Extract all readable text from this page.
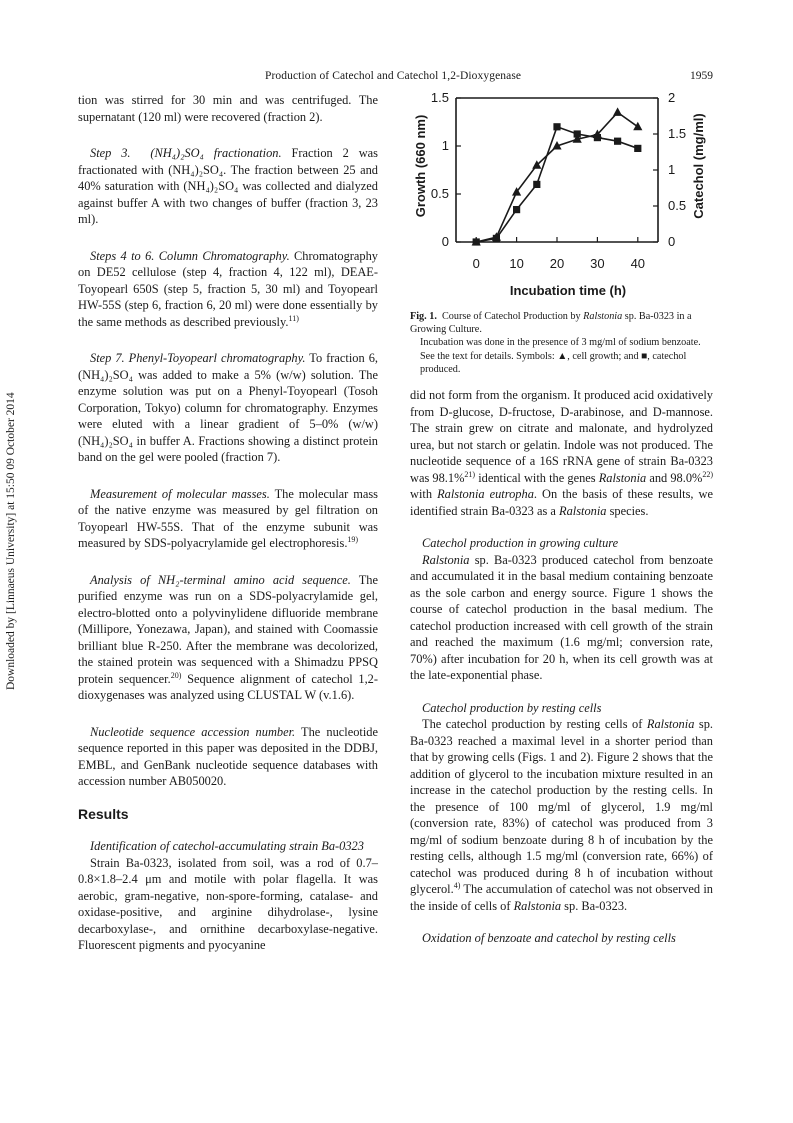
Production of Catechol and Catechol 1,2-Dioxygenase	1959
Downloaded by [Linnaeus University] at 15:50 09 October 2014

tion was stirred for 30 min and was centrifuged. The supernatant (120 ml) were recovered (fraction 2).

Step 3. (NH₄)₂SO₄ fractionation. Fraction 2 was fractionated with (NH₄)₂SO₄. The fraction between 25 and 40% saturation with (NH₄)₂SO₄ was collected and dialyzed against buffer A with two changes of buffer (fraction 3, 23 ml).

Steps 4 to 6. Column Chromatography. Chromatography on DE52 cellulose (step 4, fraction 4, 122 ml), DEAE-Toyopearl 650S (step 5, fraction 5, 30 ml) and Toyopearl HW-55S (step 6, fraction 6, 20 ml) were done essentially by the same methods as described previously.$^{11)}$

Step 7. Phenyl-Toyopearl chromatography. To fraction 6, (NH₄)₂SO₄ was added to make a 5% (w/w) solution. The enzyme solution was put on a Phenyl-Toyopearl (Tosoh Corporation, Tokyo) column for chromatography. Enzymes were eluted with a linear gradient of 5–0% (w/w) (NH₄)₂SO₄ in buffer A. Fractions showing a distinct protein band on the gel were pooled (fraction 7).

Measurement of molecular masses. The molecular mass of the native enzyme was measured by gel filtration on Toyopearl HW-55S. That of the enzyme subunit was measured by SDS-polyacrylamide gel electrophoresis.$^{19)}$

Analysis of NH₂-terminal amino acid sequence. The purified enzyme was run on a SDS-polyacrylamide gel, electro-blotted onto a polyvinylidene difluoride membrane (Millipore, Yonezawa, Japan), and stained with Coomassie brilliant blue R-250. After the membrane was decolorized, the stained protein was sequenced with a Shimadzu PPSQ protein sequencer.$^{20)}$ Sequence alignment of catechol 1,2-dioxygenases was analyzed using CLUSTAL W (v.1.6).

Nucleotide sequence accession number. The nucleotide sequence reported in this paper was deposited in the DDBJ, EMBL, and GenBank nucleotide sequence databases with accession number AB050020.

Results

Identification of catechol-accumulating strain Ba-0323

Strain Ba-0323, isolated from soil, was a rod of 0.7–0.8×1.8–2.4 μm and motile with polar flagella. It was aerobic, gram-negative, non-spore-forming, catalase- and oxidase-positive, and arginine dihydrolase-, lysine decarboxylase-, and ornithine decarboxylase-negative. Fluorescent pigments and pyocyanine

0 10 20 30 40
0
0.5
1
1.5
0
0.5
1
1.5
2
Incubation time (h)
Growth (660 nm)	Catechol (mg/ml)

Fig. 1. Course of Catechol Production by Ralstonia sp. Ba-0323 in a Growing Culture.

Incubation was done in the presence of 3 mg/ml of sodium benzoate. See the text for details. Symbols: ▲, cell growth; and ■, catechol produced.

did not form from the organism. It produced acid oxidatively from D-glucose, D-fructose, D-arabinose, and D-mannose. The strain grew on citrate and malonate, and hydrolyzed urea, but not starch or gelatin. Indole was not produced. The nucleotide sequence of a 16S rRNA gene of strain Ba-0323 was 98.1%$^{21)}$ identical with the genes Ralstonia and 98.0%$^{22)}$ with Ralstonia eutropha. On the basis of these results, we identified strain Ba-0323 as a Ralstonia species.

Catechol production in growing culture

Ralstonia sp. Ba-0323 produced catechol from benzoate and accumulated it in the basal medium containing benzoate as the sole carbon and energy source. Figure 1 shows the course of catechol production in the basal medium. The catechol production increased with cell growth of the strain and reached the maximum (1.6 mg/ml; conversion rate, 70%) after incubation for 20 h, when its cell growth was at the late-exponential phase.

Catechol production by resting cells

The catechol production by resting cells of Ralstonia sp. Ba-0323 reached a maximal level in a shorter period than that by growing cells (Figs. 1 and 2). Figure 2 shows that the addition of glycerol to the incubation mixture resulted in an increase in the catechol production by the resting cells. In the presence of 100 mg/ml of glycerol, 1.9 mg/ml (conversion rate, 83%) of catechol was produced from 3 mg/ml of sodium benzoate during 8 h of incubation by the resting cells, although 1.5 mg/ml (conversion rate, 66%) of catechol was produced during 8 h of incubation without glycerol.$^{4)}$ The accumulation of catechol was not observed in the inside of cells of Ralstonia sp. Ba-0323.

Oxidation of benzoate and catechol by resting cells
